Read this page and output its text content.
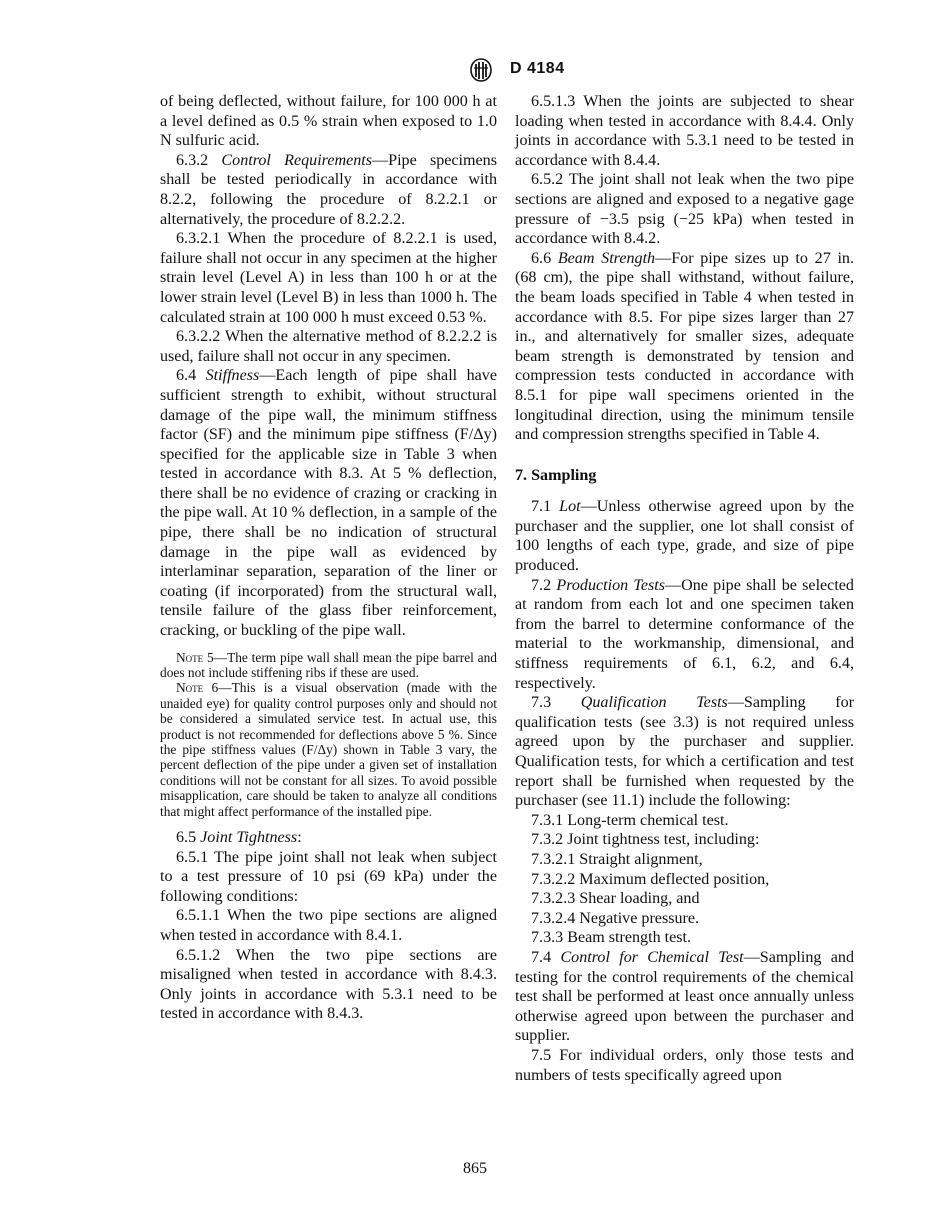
D 4184

of being deflected, without failure, for 100 000 h at a level defined as 0.5 % strain when exposed to 1.0 N sulfuric acid.

6.3.2 Control Requirements—Pipe specimens shall be tested periodically in accordance with 8.2.2, following the procedure of 8.2.2.1 or alternatively, the procedure of 8.2.2.2.

6.3.2.1 When the procedure of 8.2.2.1 is used, failure shall not occur in any specimen at the higher strain level (Level A) in less than 100 h or at the lower strain level (Level B) in less than 1000 h. The calculated strain at 100 000 h must exceed 0.53 %.

6.3.2.2 When the alternative method of 8.2.2.2 is used, failure shall not occur in any specimen.

6.4 Stiffness—Each length of pipe shall have sufficient strength to exhibit, without structural damage of the pipe wall, the minimum stiffness factor (SF) and the minimum pipe stiffness (F/Δy) specified for the applicable size in Table 3 when tested in accordance with 8.3. At 5 % deflection, there shall be no evidence of crazing or cracking in the pipe wall. At 10 % deflection, in a sample of the pipe, there shall be no indication of structural damage in the pipe wall as evidenced by interlaminar separation, separation of the liner or coating (if incorporated) from the structural wall, tensile failure of the glass fiber reinforcement, cracking, or buckling of the pipe wall.

Note 5—The term pipe wall shall mean the pipe barrel and does not include stiffening ribs if these are used.

Note 6—This is a visual observation (made with the unaided eye) for quality control purposes only and should not be considered a simulated service test. In actual use, this product is not recommended for deflections above 5 %. Since the pipe stiffness values (F/Δy) shown in Table 3 vary, the percent deflection of the pipe under a given set of installation conditions will not be constant for all sizes. To avoid possible misapplication, care should be taken to analyze all conditions that might affect performance of the installed pipe.

6.5 Joint Tightness:

6.5.1 The pipe joint shall not leak when subject to a test pressure of 10 psi (69 kPa) under the following conditions:

6.5.1.1 When the two pipe sections are aligned when tested in accordance with 8.4.1.

6.5.1.2 When the two pipe sections are misaligned when tested in accordance with 8.4.3. Only joints in accordance with 5.3.1 need to be tested in accordance with 8.4.3.

6.5.1.3 When the joints are subjected to shear loading when tested in accordance with 8.4.4. Only joints in accordance with 5.3.1 need to be tested in accordance with 8.4.4.

6.5.2 The joint shall not leak when the two pipe sections are aligned and exposed to a negative gage pressure of −3.5 psig (−25 kPa) when tested in accordance with 8.4.2.

6.6 Beam Strength—For pipe sizes up to 27 in. (68 cm), the pipe shall withstand, without failure, the beam loads specified in Table 4 when tested in accordance with 8.5. For pipe sizes larger than 27 in., and alternatively for smaller sizes, adequate beam strength is demonstrated by tension and compression tests conducted in accordance with 8.5.1 for pipe wall specimens oriented in the longitudinal direction, using the minimum tensile and compression strengths specified in Table 4.

7. Sampling

7.1 Lot—Unless otherwise agreed upon by the purchaser and the supplier, one lot shall consist of 100 lengths of each type, grade, and size of pipe produced.

7.2 Production Tests—One pipe shall be selected at random from each lot and one specimen taken from the barrel to determine conformance of the material to the workmanship, dimensional, and stiffness requirements of 6.1, 6.2, and 6.4, respectively.

7.3 Qualification Tests—Sampling for qualification tests (see 3.3) is not required unless agreed upon by the purchaser and supplier. Qualification tests, for which a certification and test report shall be furnished when requested by the purchaser (see 11.1) include the following:

7.3.1 Long-term chemical test.

7.3.2 Joint tightness test, including:

7.3.2.1 Straight alignment,

7.3.2.2 Maximum deflected position,

7.3.2.3 Shear loading, and

7.3.2.4 Negative pressure.

7.3.3 Beam strength test.

7.4 Control for Chemical Test—Sampling and testing for the control requirements of the chemical test shall be performed at least once annually unless otherwise agreed upon between the purchaser and supplier.

7.5 For individual orders, only those tests and numbers of tests specifically agreed upon

865
